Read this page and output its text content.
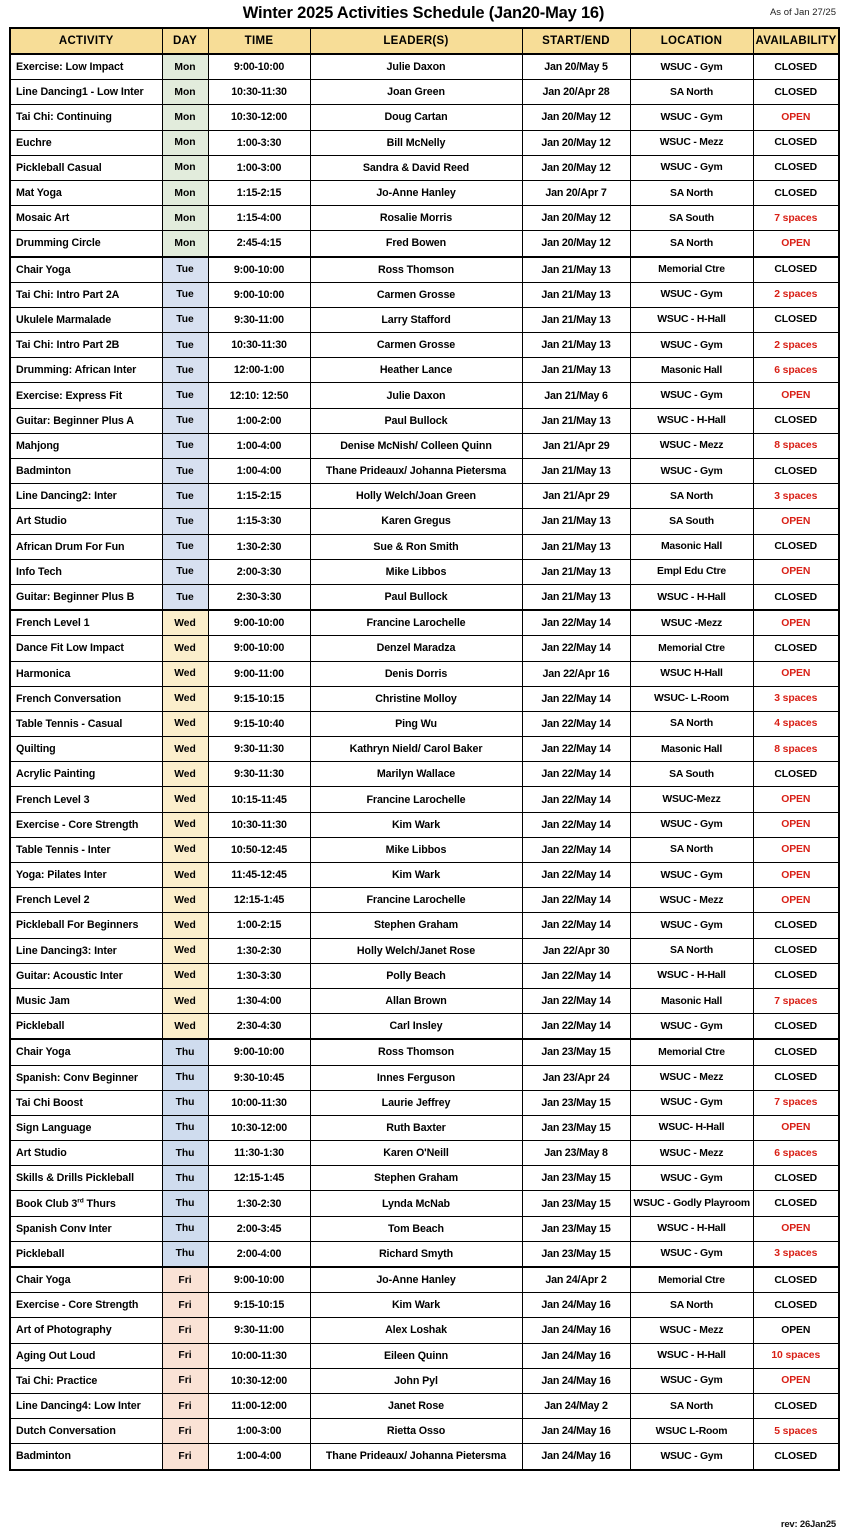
Winter 2025 Activities Schedule (Jan20-May 16)	As of Jan 27/25
ACTIVITY	DAY	TIME	LEADER(S)	START/END	LOCATION	AVAILABILITY
Exercise: Low Impact	Mon	9:00-10:00	Julie Daxon	Jan 20/May 5	WSUC - Gym	CLOSED
Line Dancing1 - Low Inter	Mon	10:30-11:30	Joan Green	Jan 20/Apr 28	SA North	CLOSED
Tai Chi: Continuing	Mon	10:30-12:00	Doug Cartan	Jan 20/May 12	WSUC - Gym	OPEN
Euchre	Mon	1:00-3:30	Bill McNelly	Jan 20/May 12	WSUC - Mezz	CLOSED
Pickleball Casual	Mon	1:00-3:00	Sandra & David Reed	Jan 20/May 12	WSUC - Gym	CLOSED
Mat Yoga	Mon	1:15-2:15	Jo-Anne Hanley	Jan 20/Apr 7	SA North	CLOSED
Mosaic Art	Mon	1:15-4:00	Rosalie Morris	Jan 20/May 12	SA South	7 spaces
Drumming Circle	Mon	2:45-4:15	Fred Bowen	Jan 20/May 12	SA North	OPEN
Chair Yoga	Tue	9:00-10:00	Ross Thomson	Jan 21/May 13	Memorial Ctre	CLOSED
Tai Chi: Intro Part 2A	Tue	9:00-10:00	Carmen Grosse	Jan 21/May 13	WSUC - Gym	2 spaces
Ukulele Marmalade	Tue	9:30-11:00	Larry Stafford	Jan 21/May 13	WSUC - H-Hall	CLOSED
Tai Chi: Intro Part 2B	Tue	10:30-11:30	Carmen Grosse	Jan 21/May 13	WSUC - Gym	2 spaces
Drumming: African Inter	Tue	12:00-1:00	Heather Lance	Jan 21/May 13	Masonic Hall	6 spaces
Exercise: Express Fit	Tue	12:10: 12:50	Julie Daxon	Jan 21/May 6	WSUC - Gym	OPEN
Guitar: Beginner Plus A	Tue	1:00-2:00	Paul Bullock	Jan 21/May 13	WSUC - H-Hall	CLOSED
Mahjong	Tue	1:00-4:00	Denise McNish/ Colleen Quinn	Jan 21/Apr 29	WSUC - Mezz	8 spaces
Badminton	Tue	1:00-4:00	Thane Prideaux/ Johanna Pietersma	Jan 21/May 13	WSUC - Gym	CLOSED
Line Dancing2: Inter	Tue	1:15-2:15	Holly Welch/Joan Green	Jan 21/Apr 29	SA North	3 spaces
Art Studio	Tue	1:15-3:30	Karen Gregus	Jan 21/May 13	SA South	OPEN
African Drum For Fun	Tue	1:30-2:30	Sue & Ron Smith	Jan 21/May 13	Masonic Hall	CLOSED
Info Tech	Tue	2:00-3:30	Mike Libbos	Jan 21/May 13	Empl Edu Ctre	OPEN
Guitar: Beginner Plus B	Tue	2:30-3:30	Paul Bullock	Jan 21/May 13	WSUC - H-Hall	CLOSED
French Level 1	Wed	9:00-10:00	Francine Larochelle	Jan 22/May 14	WSUC -Mezz	OPEN
Dance Fit Low Impact	Wed	9:00-10:00	Denzel Maradza	Jan 22/May 14	Memorial Ctre	CLOSED
Harmonica	Wed	9:00-11:00	Denis Dorris	Jan 22/Apr 16	WSUC H-Hall	OPEN
French Conversation	Wed	9:15-10:15	Christine Molloy	Jan 22/May 14	WSUC- L-Room	3 spaces
Table Tennis - Casual	Wed	9:15-10:40	Ping Wu	Jan 22/May 14	SA North	4 spaces
Quilting	Wed	9:30-11:30	Kathryn Nield/ Carol Baker	Jan 22/May 14	Masonic Hall	8 spaces
Acrylic Painting	Wed	9:30-11:30	Marilyn Wallace	Jan 22/May 14	SA South	CLOSED
French Level 3	Wed	10:15-11:45	Francine Larochelle	Jan 22/May 14	WSUC-Mezz	OPEN
Exercise - Core Strength	Wed	10:30-11:30	Kim Wark	Jan 22/May 14	WSUC - Gym	OPEN
Table Tennis - Inter	Wed	10:50-12:45	Mike Libbos	Jan 22/May 14	SA North	OPEN
Yoga: Pilates Inter	Wed	11:45-12:45	Kim Wark	Jan 22/May 14	WSUC - Gym	OPEN
French Level 2	Wed	12:15-1:45	Francine Larochelle	Jan 22/May 14	WSUC - Mezz	OPEN
Pickleball For Beginners	Wed	1:00-2:15	Stephen Graham	Jan 22/May 14	WSUC - Gym	CLOSED
Line Dancing3: Inter	Wed	1:30-2:30	Holly Welch/Janet Rose	Jan 22/Apr 30	SA North	CLOSED
Guitar: Acoustic Inter	Wed	1:30-3:30	Polly Beach	Jan 22/May 14	WSUC - H-Hall	CLOSED
Music Jam	Wed	1:30-4:00	Allan Brown	Jan 22/May 14	Masonic Hall	7 spaces
Pickleball	Wed	2:30-4:30	Carl Insley	Jan 22/May 14	WSUC - Gym	CLOSED
Chair Yoga	Thu	9:00-10:00	Ross Thomson	Jan 23/May 15	Memorial Ctre	CLOSED
Spanish: Conv Beginner	Thu	9:30-10:45	Innes Ferguson	Jan 23/Apr 24	WSUC - Mezz	CLOSED
Tai Chi Boost	Thu	10:00-11:30	Laurie Jeffrey	Jan 23/May 15	WSUC - Gym	7 spaces
Sign Language	Thu	10:30-12:00	Ruth Baxter	Jan 23/May 15	WSUC- H-Hall	OPEN
Art Studio	Thu	11:30-1:30	Karen O'Neill	Jan 23/May 8	WSUC - Mezz	6 spaces
Skills & Drills Pickleball	Thu	12:15-1:45	Stephen Graham	Jan 23/May 15	WSUC - Gym	CLOSED
Book Club 3rd Thurs	Thu	1:30-2:30	Lynda McNab	Jan 23/May 15	WSUC - Godly Playroom	CLOSED
Spanish Conv Inter	Thu	2:00-3:45	Tom Beach	Jan 23/May 15	WSUC - H-Hall	OPEN
Pickleball	Thu	2:00-4:00	Richard Smyth	Jan 23/May 15	WSUC - Gym	3 spaces
Chair Yoga	Fri	9:00-10:00	Jo-Anne Hanley	Jan 24/Apr 2	Memorial Ctre	CLOSED
Exercise - Core Strength	Fri	9:15-10:15	Kim Wark	Jan 24/May 16	SA North	CLOSED
Art of Photography	Fri	9:30-11:00	Alex Loshak	Jan 24/May 16	WSUC - Mezz	OPEN
Aging Out Loud	Fri	10:00-11:30	Eileen Quinn	Jan 24/May 16	WSUC - H-Hall	10 spaces
Tai Chi: Practice	Fri	10:30-12:00	John Pyl	Jan 24/May 16	WSUC - Gym	OPEN
Line Dancing4: Low Inter	Fri	11:00-12:00	Janet Rose	Jan 24/May 2	SA North	CLOSED
Dutch Conversation	Fri	1:00-3:00	Rietta Osso	Jan 24/May 16	WSUC L-Room	5 spaces
Badminton	Fri	1:00-4:00	Thane Prideaux/ Johanna Pietersma	Jan 24/May 16	WSUC - Gym	CLOSED
rev: 26Jan25
